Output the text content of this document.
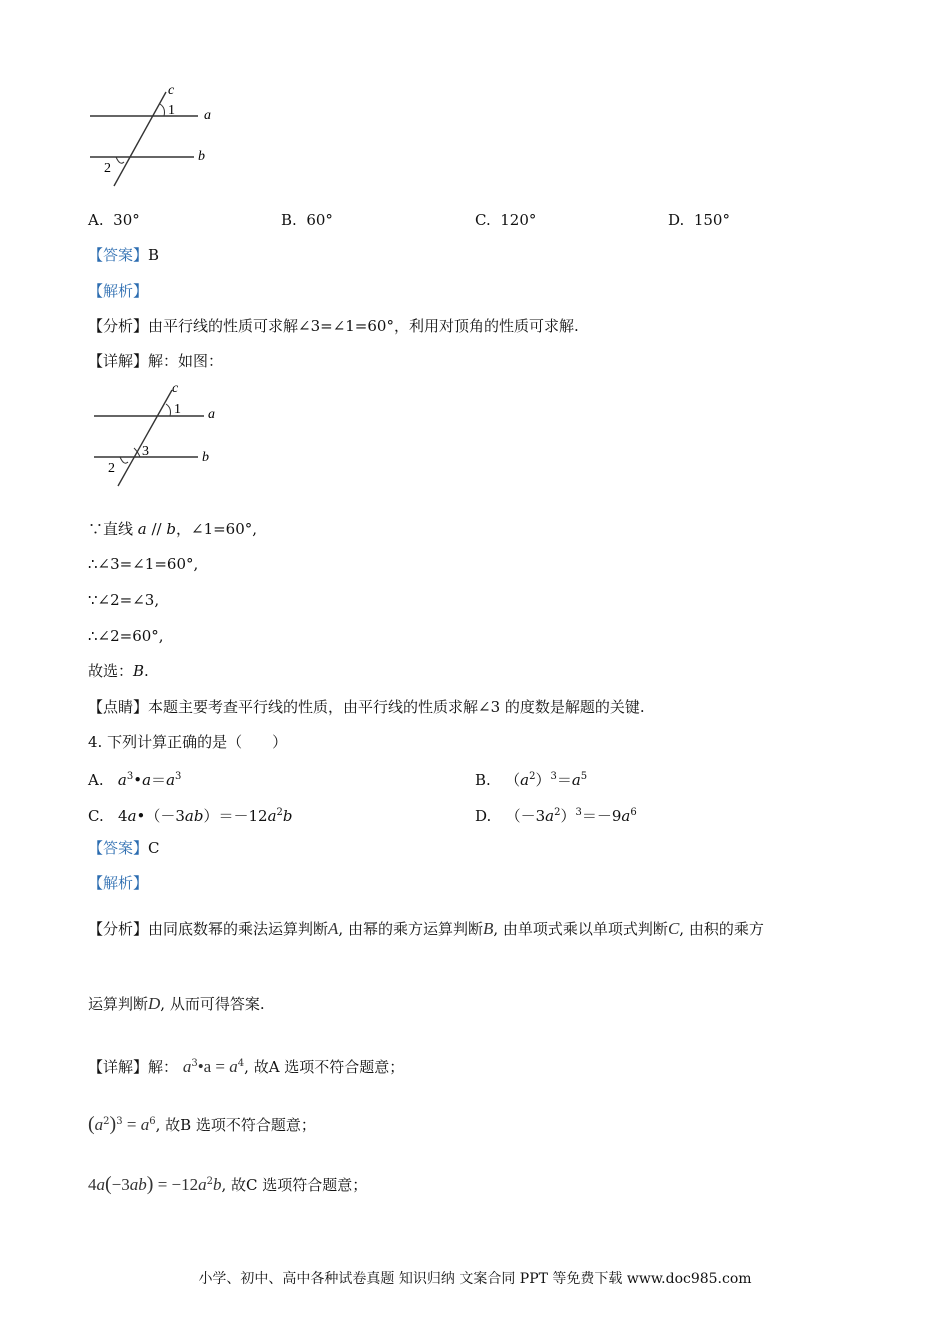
c
1 a
b
2
A. 30°	B. 60°	C. 120°	D. 150°
【答案】B
【解析】
【分析】由平行线的性质可求解∠3=∠1=60°，利用对顶角的性质可求解.
【详解】解：如图：
c
1 a
3	b
2
∵直线 a // b，∠1=60°,
∴∠3=∠1=60°,
∵∠2=∠3,
∴∠2=60°,
故选：B.
【点睛】本题主要考查平行线的性质，由平行线的性质求解∠3 的度数是解题的关键.
4. 下列计算正确的是（　　）
A.   $a^3•a=a^3$	B.   $(a^2)^3=a^5$
C.   $4a•(-3ab)=-12a^2b$	D.   $(-3a^2)^3=-9a^6$
【答案】C
【解析】
【分析】由同底数幂的乘法运算判断A, 由幂的乘方运算判断B, 由单项式乘以单项式判断C, 由积的乘方
运算判断D, 从而可得答案.
【详解】解： $a^3•a = a^4$, 故A 选项不符合题意；
$(a^2)^3 = a^6$, 故B 选项不符合题意；
$4a(-3ab) = -12a^2b$, 故C 选项符合题意；
小学、初中、高中各种试卷真题 知识归纳 文案合同 PPT 等免费下载 www.doc985.com
